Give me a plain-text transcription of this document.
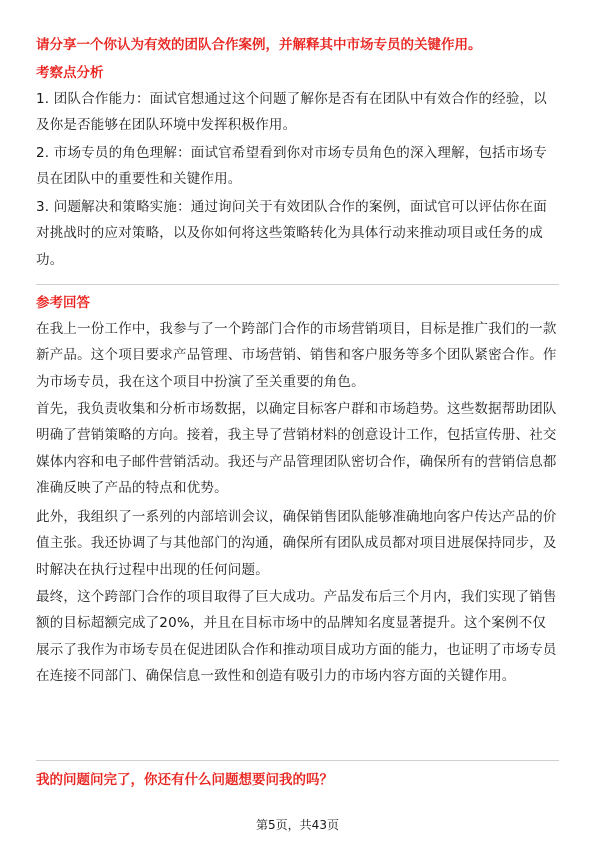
请分享一个你认为有效的团队合作案例，并解释其中市场专员的关键作用。
考察点分析
1. 团队合作能力：面试官想通过这个问题了解你是否有在团队中有效合作的经验，以及你是否能够在团队环境中发挥积极作用。
2. 市场专员的角色理解：面试官希望看到你对市场专员角色的深入理解，包括市场专员在团队中的重要性和关键作用。
3. 问题解决和策略实施：通过询问关于有效团队合作的案例，面试官可以评估你在面对挑战时的应对策略，以及你如何将这些策略转化为具体行动来推动项目或任务的成功。
参考回答
在我上一份工作中，我参与了一个跨部门合作的市场营销项目，目标是推广我们的一款新产品。这个项目要求产品管理、市场营销、销售和客户服务等多个团队紧密合作。作为市场专员，我在这个项目中扮演了至关重要的角色。
首先，我负责收集和分析市场数据，以确定目标客户群和市场趋势。这些数据帮助团队明确了营销策略的方向。接着，我主导了营销材料的创意设计工作，包括宣传册、社交媒体内容和电子邮件营销活动。我还与产品管理团队密切合作，确保所有的营销信息都准确反映了产品的特点和优势。
此外，我组织了一系列的内部培训会议，确保销售团队能够准确地向客户传达产品的价值主张。我还协调了与其他部门的沟通，确保所有团队成员都对项目进展保持同步，及时解决在执行过程中出现的任何问题。
最终，这个跨部门合作的项目取得了巨大成功。产品发布后三个月内，我们实现了销售额的目标超额完成了20%，并且在目标市场中的品牌知名度显著提升。这个案例不仅展示了我作为市场专员在促进团队合作和推动项目成功方面的能力，也证明了市场专员在连接不同部门、确保信息一致性和创造有吸引力的市场内容方面的关键作用。
我的问题问完了，你还有什么问题想要问我的吗？
第5页，共43页
